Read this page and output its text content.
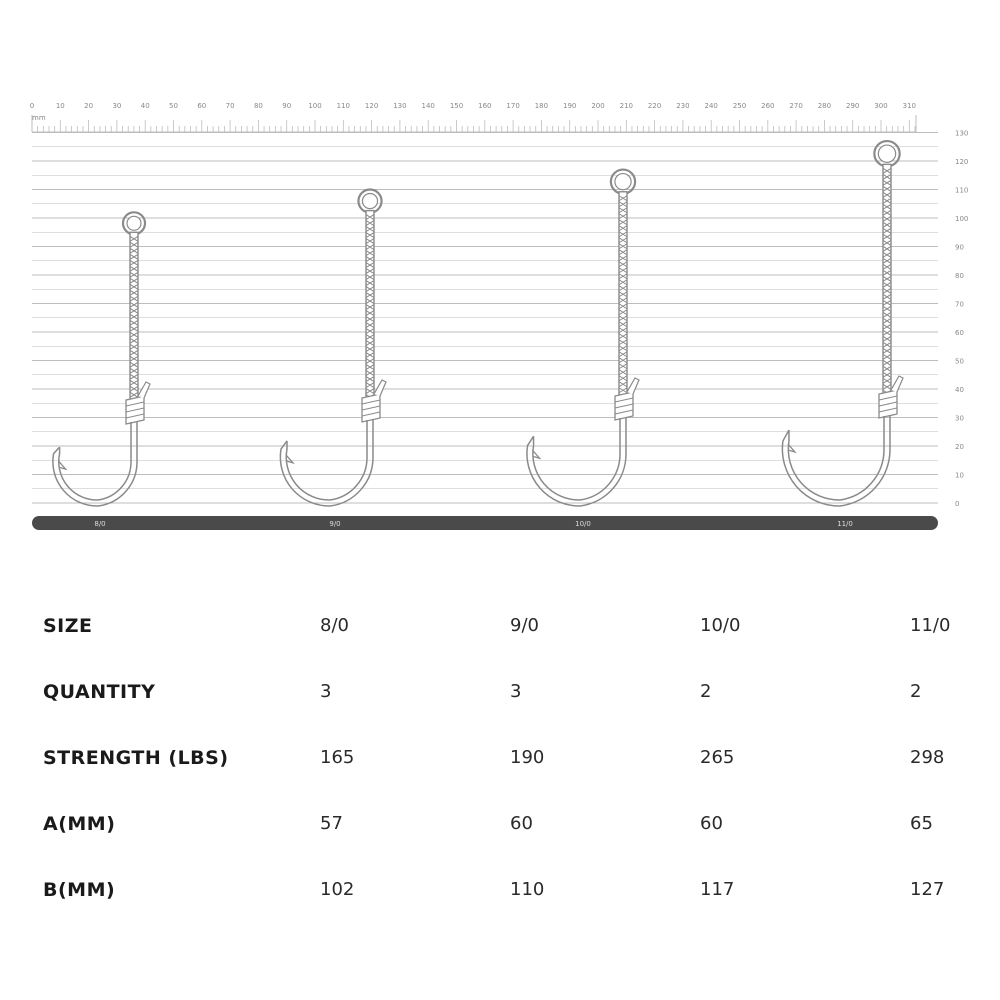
0	10	20	30	40	50	60	70	80	90 100 110 120 130 140 150 160 170 180 190 200 210 220 230 240 250 260 270 280 290 300 310
mm
0
10
20
30
40
50
60
70
80
90
100
110
120
130
8/0	9/0	10/0	11/0
SIZE	8/0	9/0	10/0	11/0
QUANTITY	3	3	2	2
STRENGTH (LBS)	165	190	265	298
A(MM)	57	60	60	65
B(MM)	102	110	117	127
